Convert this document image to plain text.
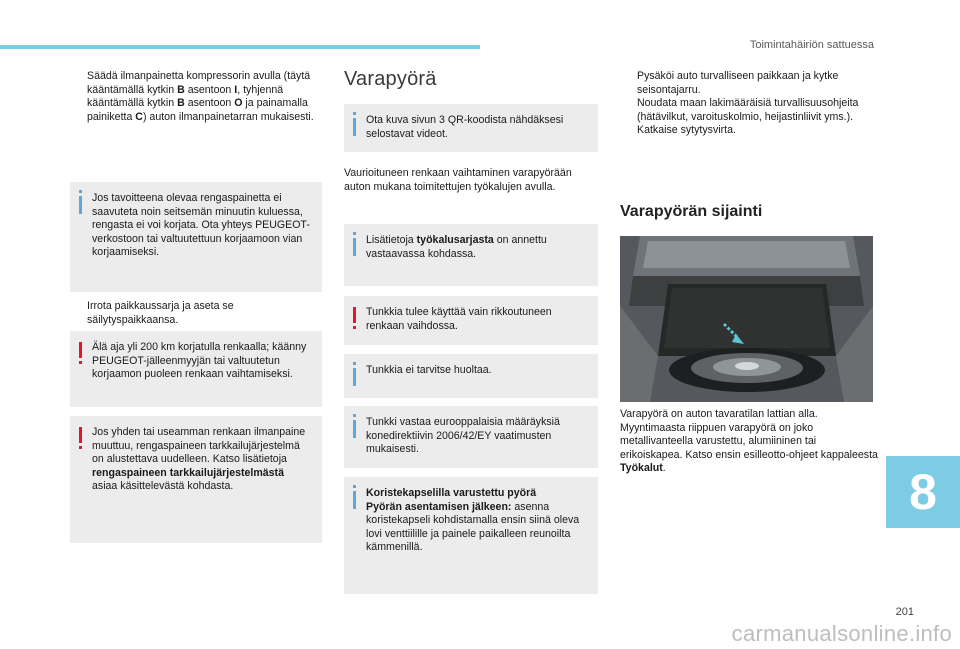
Toimintahäiriön sattuessa
Säädä ilmanpainetta kompressorin avulla (täytä kääntämällä kytkin B asentoon I, tyhjennä kääntämällä kytkin B asentoon O ja painamalla painiketta C) auton ilmanpainetarran mukaisesti.
Jos tavoitteena olevaa rengaspainetta ei saavuteta noin seitsemän minuutin kuluessa, rengasta ei voi korjata. Ota yhteys PEUGEOT-verkostoon tai valtuutettuun korjaamoon vian korjaamiseksi.
Irrota paikkaussarja ja aseta se säilytyspaikkaansa.
Älä aja yli 200 km korjatulla renkaalla; käänny PEUGEOT-jälleenmyyjän tai valtuutetun korjaamon puoleen renkaan vaihtamiseksi.
Jos yhden tai useamman renkaan ilmanpaine muuttuu, rengaspaineen tarkkailujärjestelmä on alustettava uudelleen. Katso lisätietoja rengaspaineen tarkkailujärjestelmästä asiaa käsittelevästä kohdasta.
Varapyörä
Ota kuva sivun 3 QR-koodista nähdäksesi selostavat videot.
Vaurioituneen renkaan vaihtaminen varapyörään auton mukana toimitettujen työkalujen avulla.
Lisätietoja työkalusarjasta on annettu vastaavassa kohdassa.
Tunkkia tulee käyttää vain rikkoutuneen renkaan vaihdossa.
Tunkkia ei tarvitse huoltaa.
Tunkki vastaa eurooppalaisia määräyksiä konedirektiivin 2006/42/EY vaatimusten mukaisesti.
Koristekapselilla varustettu pyörä
Pyörän asentamisen jälkeen: asenna koristekapseli kohdistamalla ensin siinä oleva lovi venttiilille ja painele paikalleen reunoilta kämmenillä.
Pysäköi auto turvalliseen paikkaan ja kytke seisontajarru.
Noudata maan lakimääräisiä turvallisuusohjeita (hätävilkut, varoituskolmio, heijastinliivit yms.).
Katkaise sytytysvirta.
Varapyörän sijainti
Varapyörä on auton tavaratilan lattian alla. Myyntimaasta riippuen varapyörä on joko metallivanteella varustettu, alumiininen tai erikoiskapea. Katso ensin esilleotto-ohjeet kappaleesta Työkalut.	8
201
carmanualsonline.info
